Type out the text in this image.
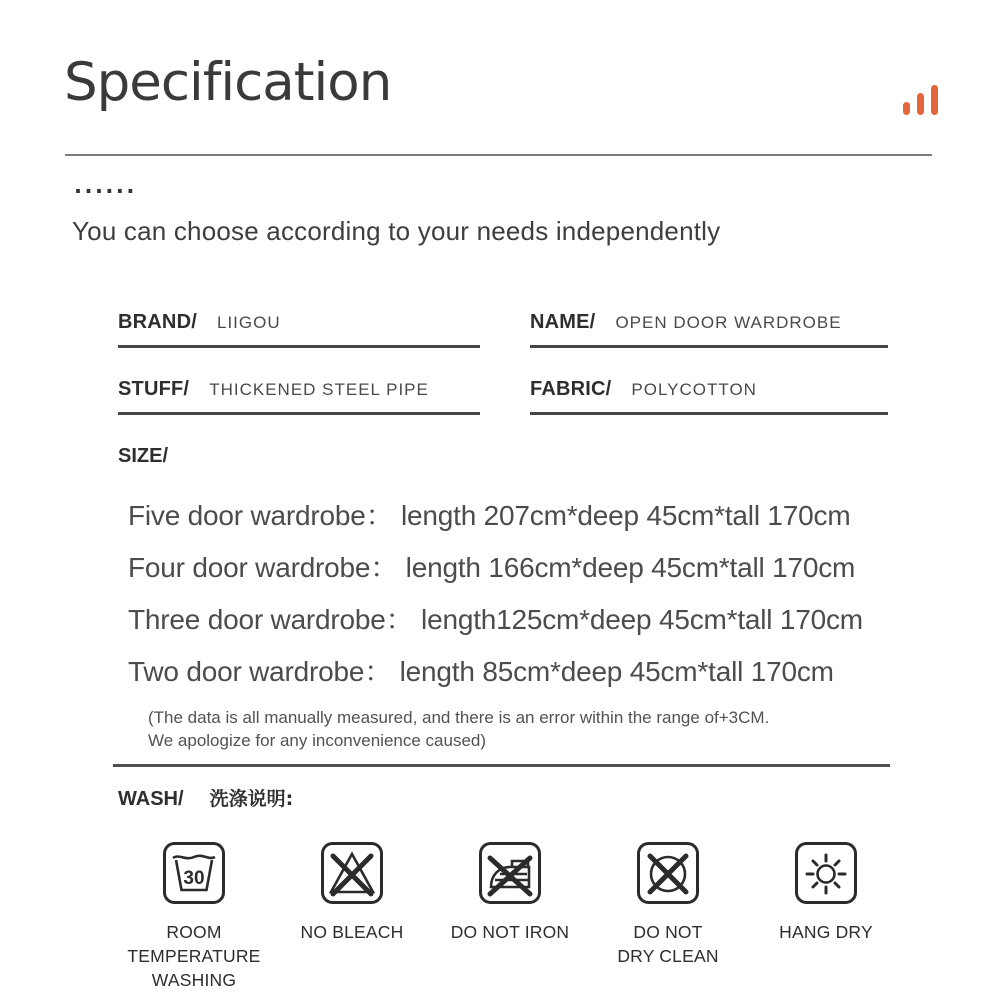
Specification
......
You can choose according to your needs independently
BRAND/ LIIGOU	NAME/ OPEN DOOR WARDROBE
STUFF/ THICKENED STEEL PIPE	FABRIC/ POLYCOTTON
SIZE/
Five door wardrobe： length 207cm*deep 45cm*tall 170cm
Four door wardrobe： length 166cm*deep 45cm*tall 170cm
Three door wardrobe： length125cm*deep 45cm*tall 170cm
Two door wardrobe： length 85cm*deep 45cm*tall 170cm
(The data is all manually measured, and there is an error within the range of+3CM.
We apologize for any inconvenience caused)
WASH/ 洗涤说明:
30
ROOM
TEMPERATURE
WASHING
NO BLEACH	DO NOT IRON	DO NOT
DRY CLEAN
HANG DRY
